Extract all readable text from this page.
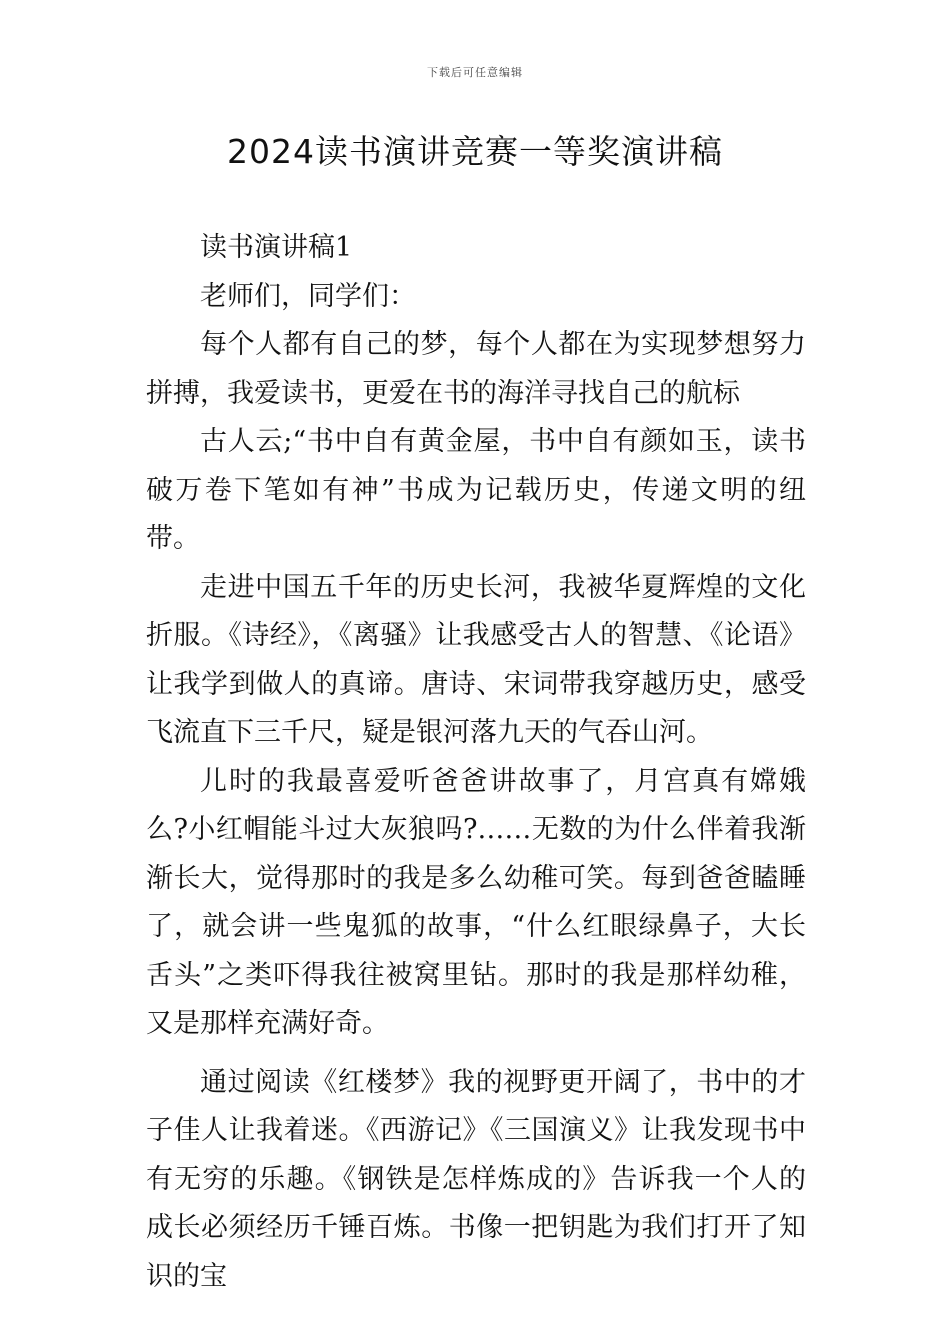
下载后可任意编辑
2024读书演讲竞赛一等奖演讲稿

读书演讲稿1

老师们，同学们：

每个人都有自己的梦，每个人都在为实现梦想努力拼搏，我爱读书，更爱在书的海洋寻找自己的航标

古人云;“书中自有黄金屋，书中自有颜如玉，读书破万卷下笔如有神”书成为记载历史，传递文明的纽带。

走进中国五千年的历史长河，我被华夏辉煌的文化折服。《诗经》，《离骚》让我感受古人的智慧、《论语》让我学到做人的真谛。唐诗、宋词带我穿越历史，感受飞流直下三千尺，疑是银河落九天的气吞山河。

儿时的我最喜爱听爸爸讲故事了，月宫真有嫦娥么?小红帽能斗过大灰狼吗?……无数的为什么伴着我渐渐长大，觉得那时的我是多么幼稚可笑。每到爸爸瞌睡了，就会讲一些鬼狐的故事，“什么红眼绿鼻子，大长舌头”之类吓得我往被窝里钻。那时的我是那样幼稚，又是那样充满好奇。

通过阅读《红楼梦》我的视野更开阔了，书中的才子佳人让我着迷。《西游记》《三国演义》让我发现书中有无穷的乐趣。《钢铁是怎样炼成的》告诉我一个人的成长必须经历千锤百炼。书像一把钥匙为我们打开了知识的宝
